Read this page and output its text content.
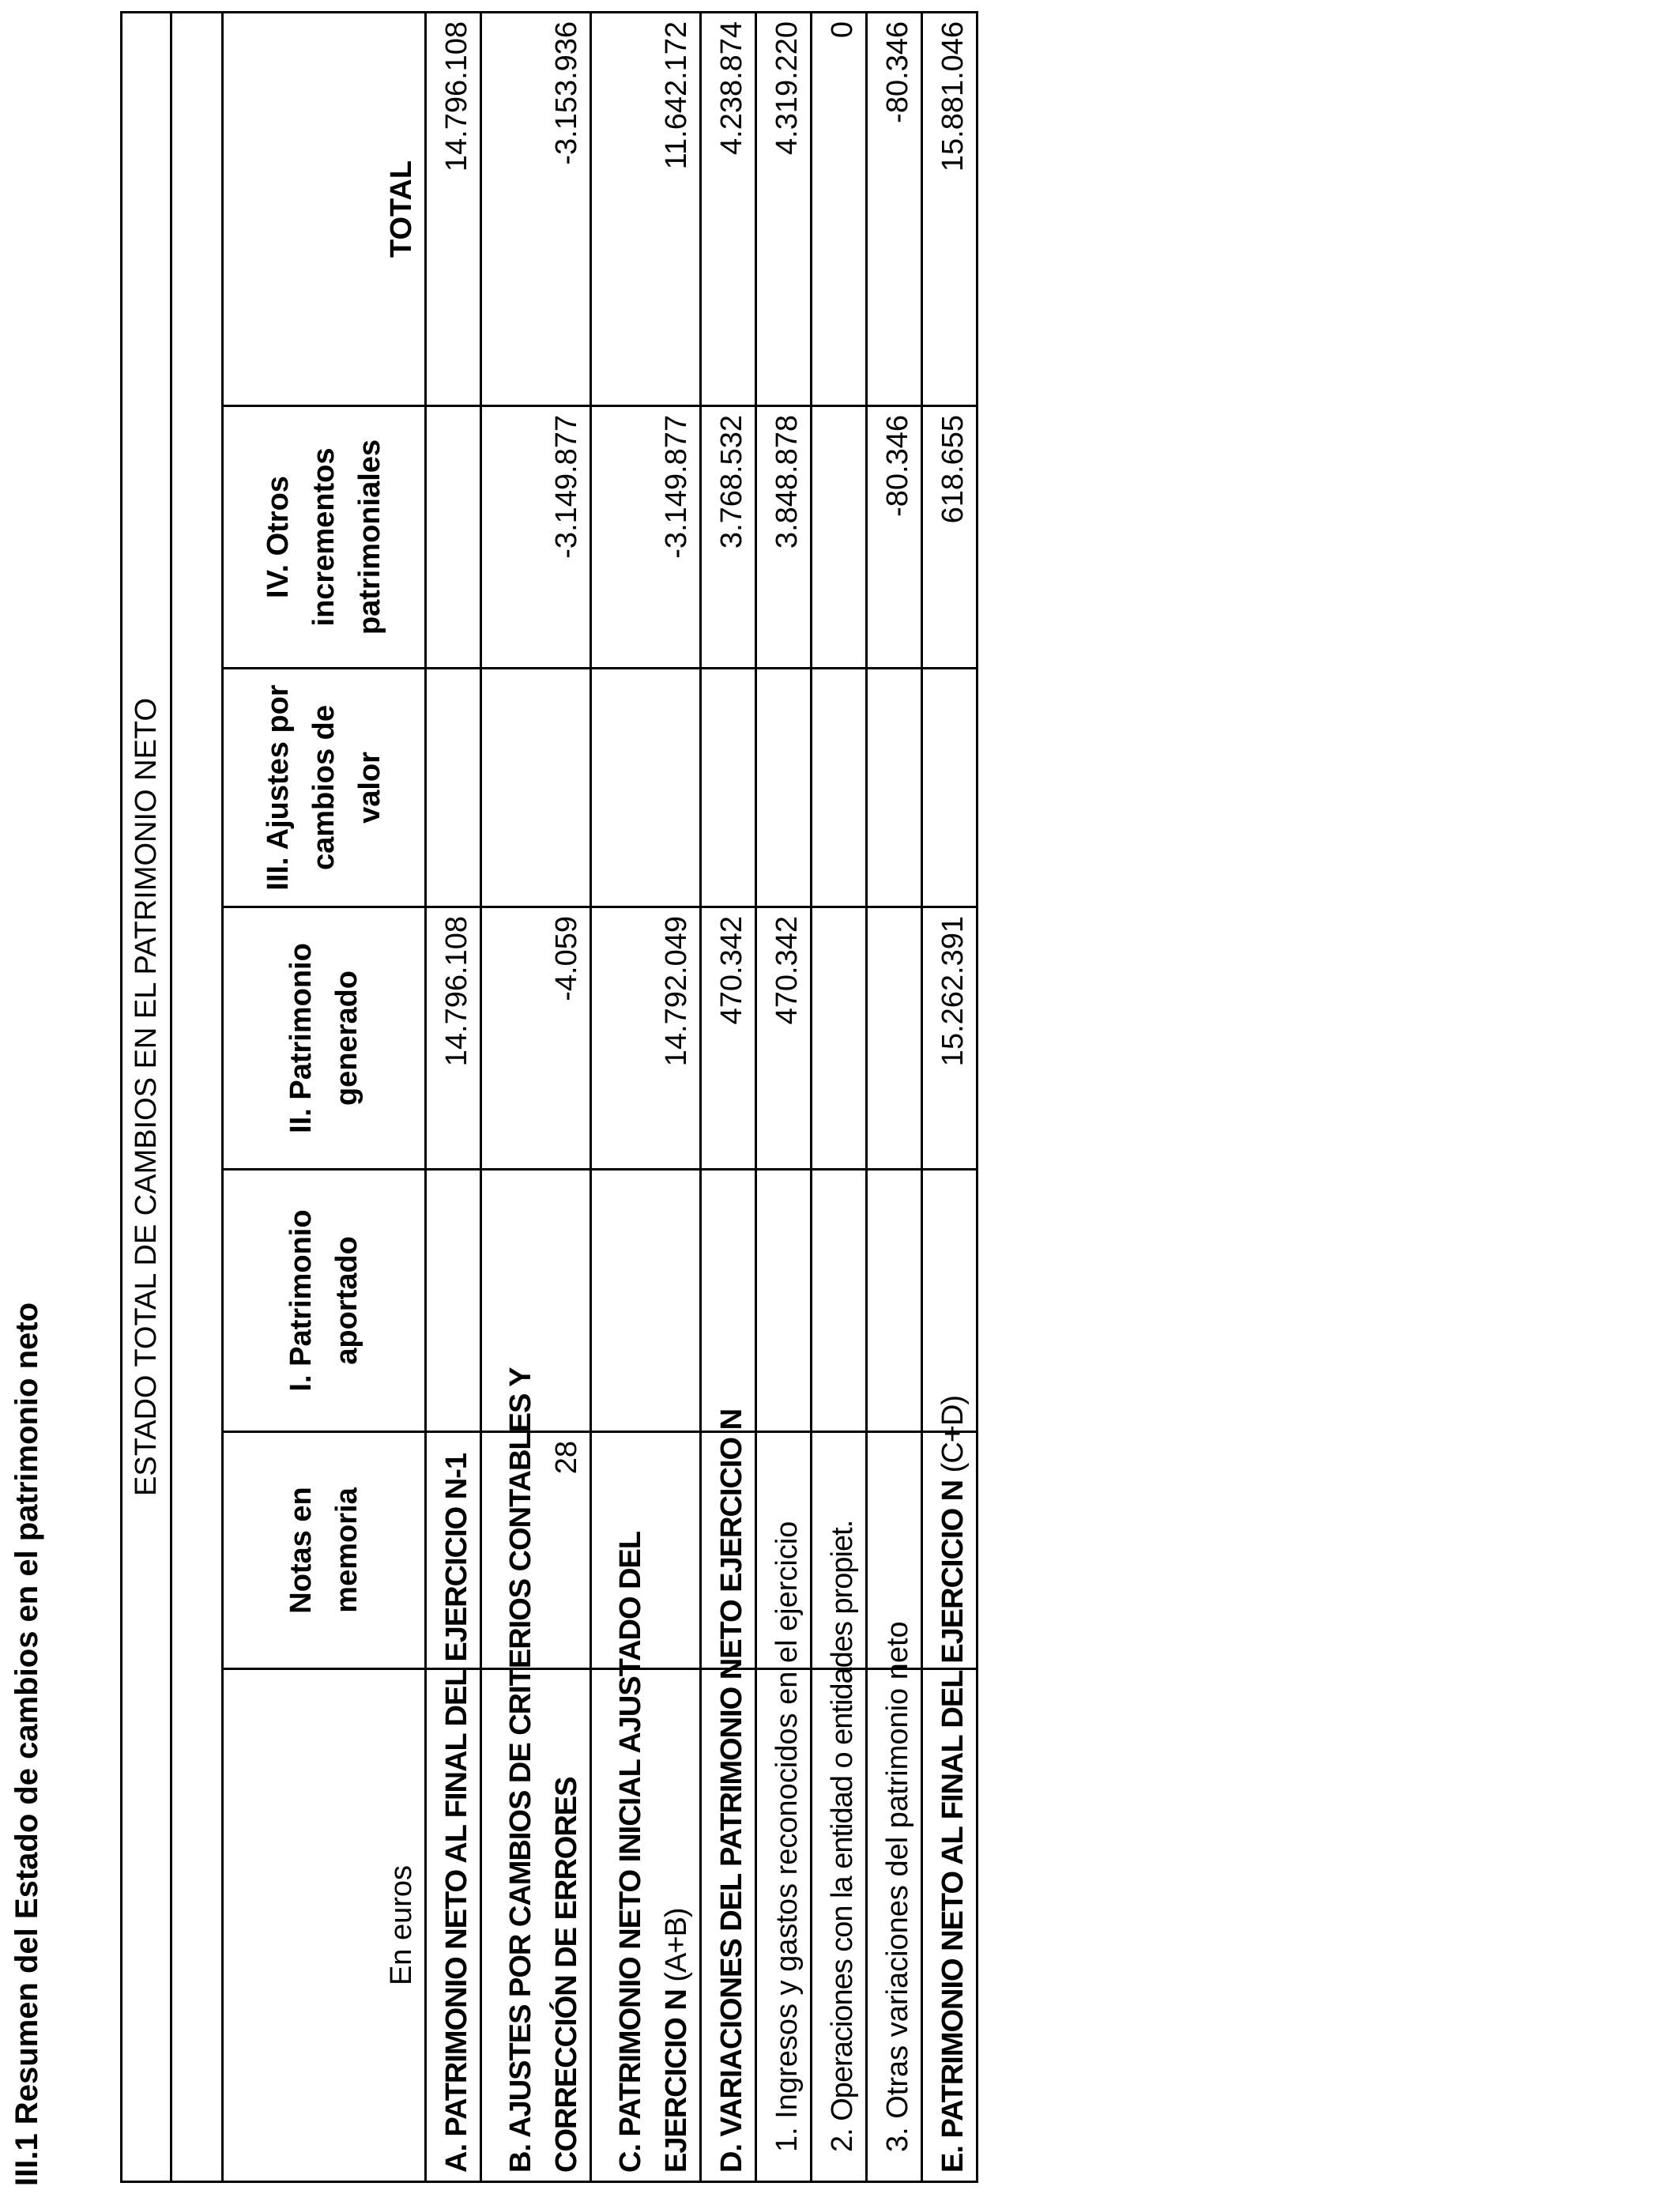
III.1 Resumen del Estado de cambios en el patrimonio neto
ESTADO TOTAL DE CAMBIOS EN EL PATRIMONIO NETO						

En euros	Notas en memoria	I. Patrimonio aportado	II. Patrimonio generado	III. Ajustes por cambios de valor	IV. Otros incrementos patrimoniales	TOTAL
A. PATRIMONIO NETO AL FINAL DEL EJERCICIO N-1			14.796.108			14.796.108
B. AJUSTES POR CAMBIOS DE CRITERIOS CONTABLES Y CORRECCIÓN DE ERRORES	28		-4.059		-3.149.877	-3.153.936
C. PATRIMONIO NETO INICIAL AJUSTADO DEL EJERCICIO N (A+B)			14.792.049		-3.149.877	11.642.172
D. VARIACIONES DEL PATRIMONIO NETO EJERCICIO N			470.342		3.768.532	4.238.874
1. Ingresos y gastos reconocidos en el ejercicio			470.342		3.848.878	4.319.220
2. Operaciones con la entidad o entidades propiet.						0
3. Otras variaciones del patrimonio neto					-80.346	-80.346
E. PATRIMONIO NETO AL FINAL DEL EJERCICIO N (C+D)			15.262.391		618.655	15.881.046
